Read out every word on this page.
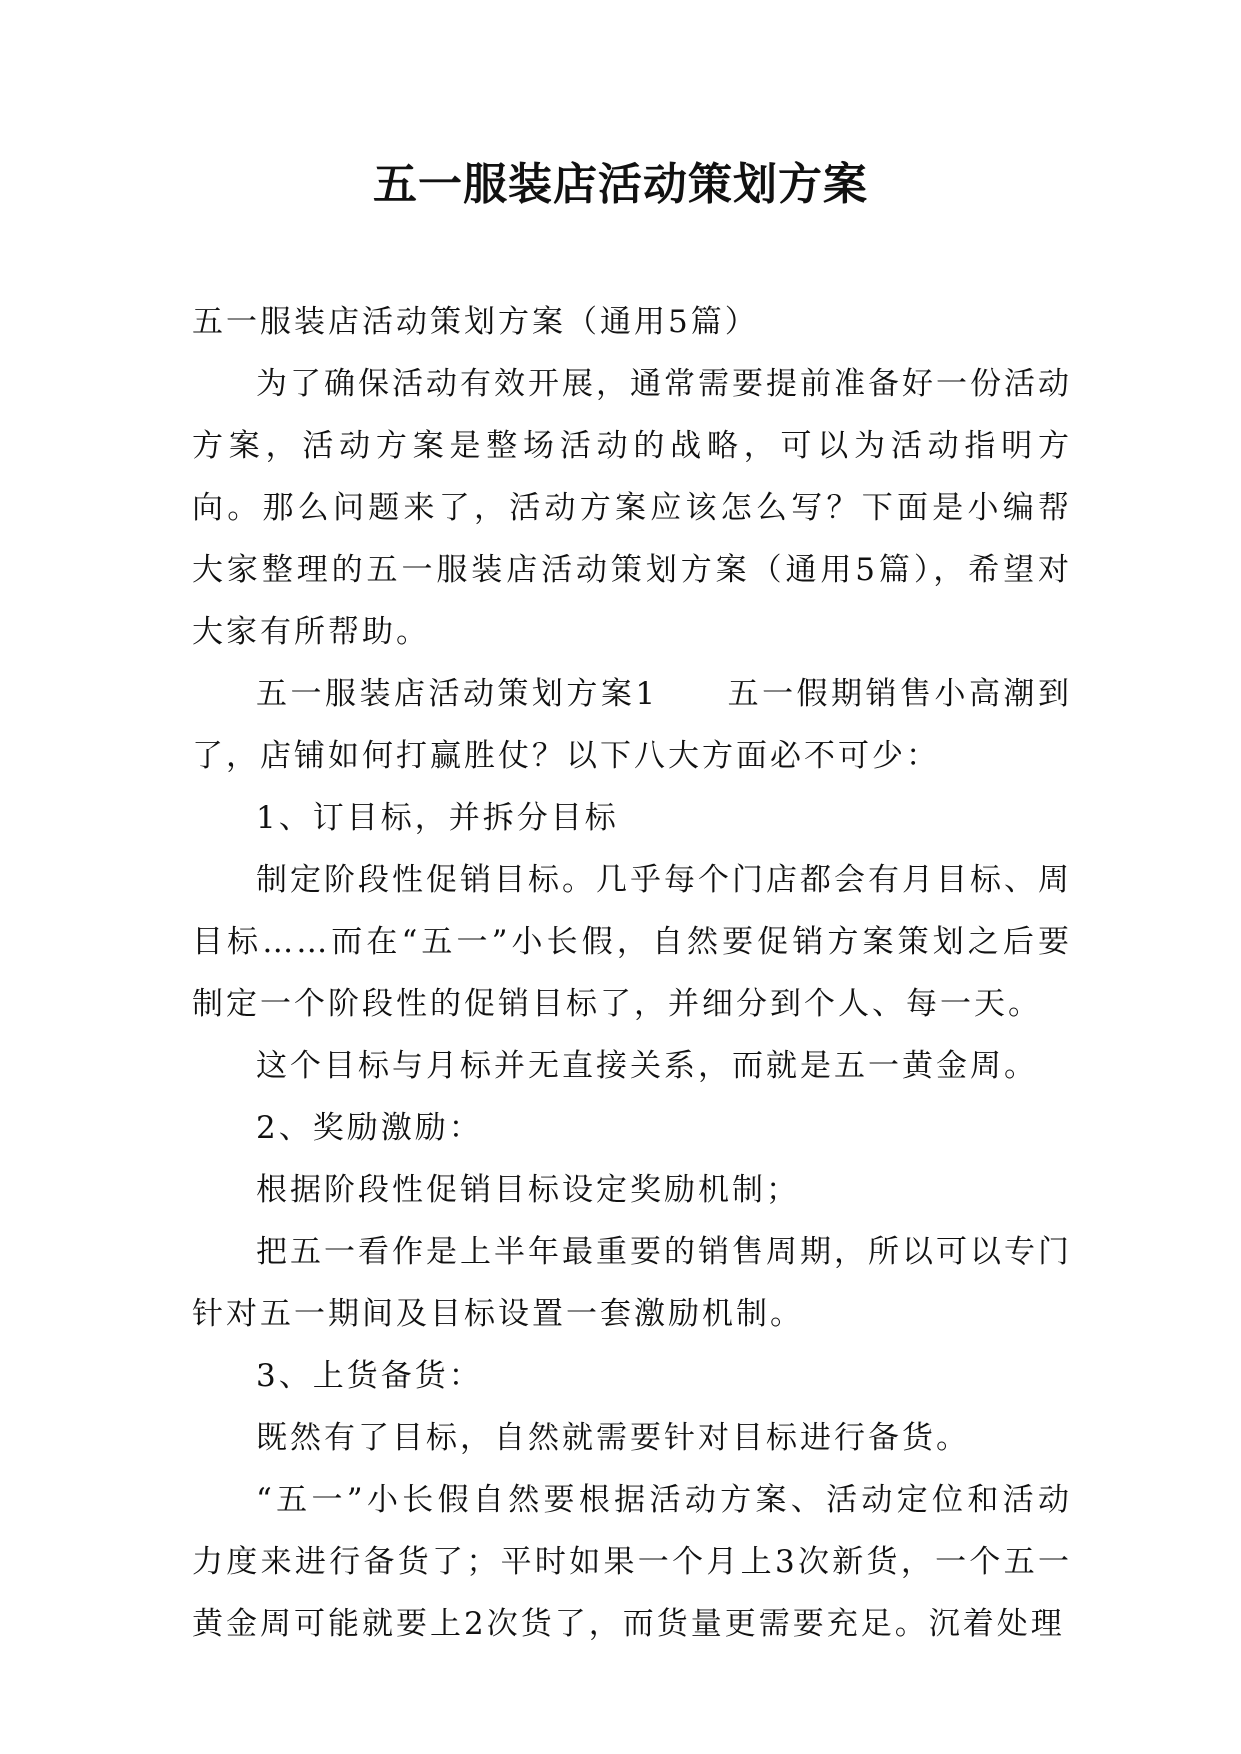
五一服装店活动策划方案

五一服装店活动策划方案（通用5篇）

为了确保活动有效开展，通常需要提前准备好一份活动方案，活动方案是整场活动的战略，可以为活动指明方向。那么问题来了，活动方案应该怎么写？下面是小编帮大家整理的五一服装店活动策划方案（通用5篇），希望对大家有所帮助。

五一服装店活动策划方案1　　五一假期销售小高潮到了，店铺如何打赢胜仗？以下八大方面必不可少：

1、订目标，并拆分目标

制定阶段性促销目标。几乎每个门店都会有月目标、周目标……而在“五一”小长假，自然要促销方案策划之后要制定一个阶段性的促销目标了，并细分到个人、每一天。

这个目标与月标并无直接关系，而就是五一黄金周。

2、奖励激励：

根据阶段性促销目标设定奖励机制；

把五一看作是上半年最重要的销售周期，所以可以专门针对五一期间及目标设置一套激励机制。

3、上货备货：

既然有了目标，自然就需要针对目标进行备货。

“五一”小长假自然要根据活动方案、活动定位和活动力度来进行备货了；平时如果一个月上3次新货，一个五一黄金周可能就要上2次货了，而货量更需要充足。沉着处理
